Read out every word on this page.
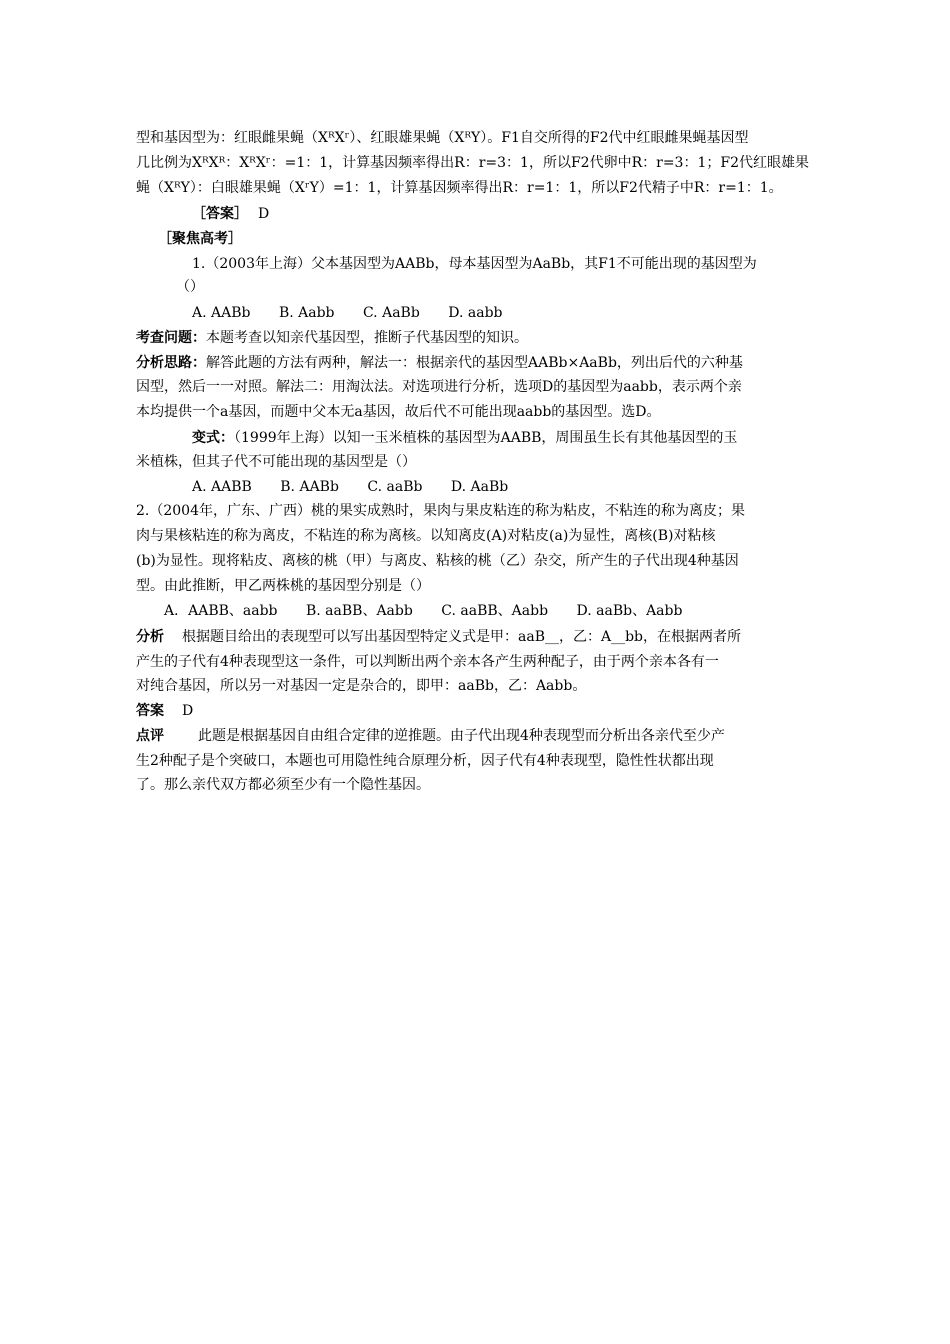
型和基因型为：红眼雌果蝇（XᴿXʳ）、红眼雄果蝇（XᴿY）。F1自交所得的F2代中红眼雌果蝇基因型
几比例为XᴿXᴿ：XᴿXʳ：=1：1，计算基因频率得出R：r=3：1，所以F2代卵中R：r=3：1；F2代红眼雄果
蝇（XᴿY）：白眼雄果蝇（XʳY）=1：1，计算基因频率得出R：r=1：1，所以F2代精子中R：r=1：1。
［答案］ D
［聚焦高考］
1.（2003年上海）父本基因型为AABb，母本基因型为AaBb，其F1不可能出现的基因型为
（）
A. AABb B. Aabb C. AaBb D. aabb
考查问题：本题考查以知亲代基因型，推断子代基因型的知识。
分析思路：解答此题的方法有两种，解法一：根据亲代的基因型AABb×AaBb，列出后代的六种基
因型，然后一一对照。解法二：用淘汰法。对选项进行分析，选项D的基因型为aabb，表示两个亲
本均提供一个a基因，而题中父本无a基因，故后代不可能出现aabb的基因型。选D。
变式：（1999年上海）以知一玉米植株的基因型为AABB，周围虽生长有其他基因型的玉
米植株，但其子代不可能出现的基因型是（）
A. AABB B. AABb C. aaBb D. AaBb
2.（2004年，广东、广西）桃的果实成熟时，果肉与果皮粘连的称为粘皮，不粘连的称为离皮；果
肉与果核粘连的称为离皮，不粘连的称为离核。以知离皮(A)对粘皮(a)为显性，离核(B)对粘核
(b)为显性。现将粘皮、离核的桃（甲）与离皮、粘核的桃（乙）杂交，所产生的子代出现4种基因
型。由此推断，甲乙两株桃的基因型分别是（）
A．AABB、aabb B. aaBB、Aabb C. aaBB、Aabb D. aaBb、Aabb
分析 根据题目给出的表现型可以写出基因型特定义式是甲：aaB__，乙：A__bb，在根据两者所
产生的子代有4种表现型这一条件，可以判断出两个亲本各产生两种配子，由于两个亲本各有一
对纯合基因，所以另一对基因一定是杂合的，即甲：aaBb，乙：Aabb。
答案 D
点评 此题是根据基因自由组合定律的逆推题。由子代出现4种表现型而分析出各亲代至少产
生2种配子是个突破口，本题也可用隐性纯合原理分析，因子代有4种表现型，隐性性状都出现
了。那么亲代双方都必须至少有一个隐性基因。
